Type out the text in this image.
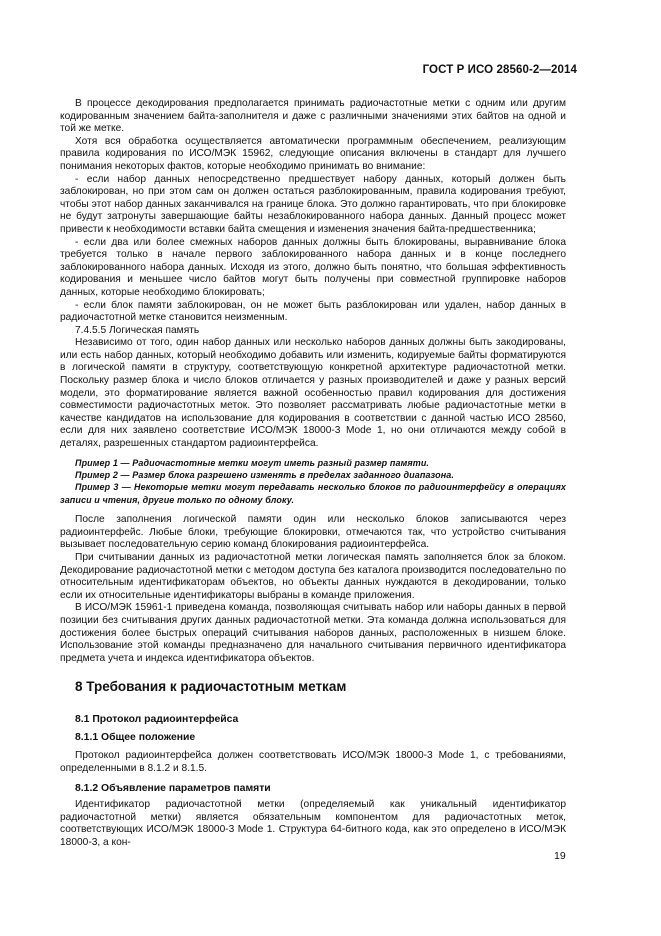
ГОСТ Р ИСО 28560-2—2014

В процессе декодирования предполагается принимать радиочастотные метки с одним или другим кодированным значением байта-заполнителя и даже с различными значениями этих байтов на одной и той же метке.

Хотя вся обработка осуществляется автоматически программным обеспечением, реализующим правила кодирования по ИСО/МЭК 15962, следующие описания включены в стандарт для лучшего понимания некоторых фактов, которые необходимо принимать во внимание:

- если набор данных непосредственно предшествует набору данных, который должен быть заблокирован, но при этом сам он должен остаться разблокированным, правила кодирования требуют, чтобы этот набор данных заканчивался на границе блока. Это должно гарантировать, что при блокировке не будут затронуты завершающие байты незаблокированного набора данных. Данный процесс может привести к необходимости вставки байта смещения и изменения значения байта-предшественника;

- если два или более смежных наборов данных должны быть блокированы, выравнивание блока требуется только в начале первого заблокированного набора данных и в конце последнего заблокированного набора данных. Исходя из этого, должно быть понятно, что большая эффективность кодирования и меньшее число байтов могут быть получены при совместной группировке наборов данных, которые необходимо блокировать;

- если блок памяти заблокирован, он не может быть разблокирован или удален, набор данных в радиочастотной метке становится неизменным.

7.4.5.5 Логическая память

Независимо от того, один набор данных или несколько наборов данных должны быть закодированы, или есть набор данных, который необходимо добавить или изменить, кодируемые байты форматируются в логической памяти в структуру, соответствующую конкретной архитектуре радиочастотной метки. Поскольку размер блока и число блоков отличается у разных производителей и даже у разных версий модели, это форматирование является важной особенностью правил кодирования для достижения совместимости радиочастотных меток. Это позволяет рассматривать любые радиочастотные метки в качестве кандидатов на использование для кодирования в соответствии с данной частью ИСО 28560, если для них заявлено соответствие ИСО/МЭК 18000-3 Mode 1, но они отличаются между собой в деталях, разрешенных стандартом радиоинтерфейса.

Пример 1 — Радиочастотные метки могут иметь разный размер памяти.

Пример 2 — Размер блока разрешено изменять в пределах заданного диапазона.

Пример 3 — Некоторые метки могут передавать несколько блоков по радиоинтерфейсу в операциях записи и чтения, другие только по одному блоку.

После заполнения логической памяти один или несколько блоков записываются через радиоинтерфейс. Любые блоки, требующие блокировки, отмечаются так, что устройство считывания вызывает последовательную серию команд блокирования радиоинтерфейса.

При считывании данных из радиочастотной метки логическая память заполняется блок за блоком. Декодирование радиочастотной метки с методом доступа без каталога производится последовательно по относительным идентификаторам объектов, но объекты данных нуждаются в декодировании, только если их относительные идентификаторы выбраны в команде приложения.

В ИСО/МЭК 15961-1 приведена команда, позволяющая считывать набор или наборы данных в первой позиции без считывания других данных радиочастотной метки. Эта команда должна использоваться для достижения более быстрых операций считывания наборов данных, расположенных в низшем блоке. Использование этой команды предназначено для начального считывания первичного идентификатора предмета учета и индекса идентификатора объектов.

8 Требования к радиочастотным меткам
8.1 Протокол радиоинтерфейса
8.1.1 Общее положение

Протокол радиоинтерфейса должен соответствовать ИСО/МЭК 18000-3 Mode 1, с требованиями, определенными в 8.1.2 и 8.1.5.

8.1.2 Объявление параметров памяти

Идентификатор радиочастотной метки (определяемый как уникальный идентификатор радиочастотной метки) является обязательным компонентом для радиочастотных меток, соответствующих ИСО/МЭК 18000-3 Mode 1. Структура 64-битного кода, как это определено в ИСО/МЭК 18000-3, а кон-

19
